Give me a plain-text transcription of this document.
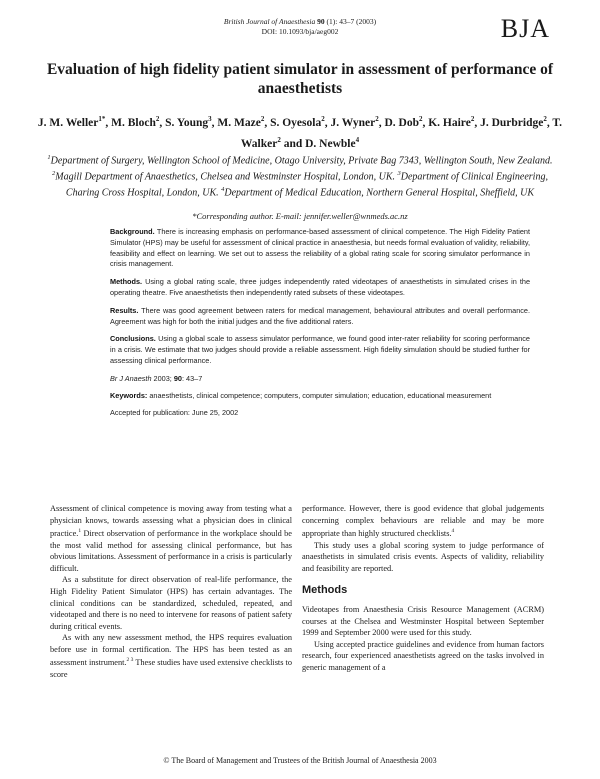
British Journal of Anaesthesia 90 (1): 43–7 (2003)
DOI: 10.1093/bja/aeg002	BJA
Evaluation of high fidelity patient simulator in assessment of performance of anaesthetists
J. M. Weller$^{1*}$, M. Bloch$^2$, S. Young$^3$, M. Maze$^2$, S. Oyesola$^2$, J. Wyner$^2$, D. Dob$^2$, K. Haire$^2$, J. Durbridge$^2$, T. Walker$^2$ and D. Newble$^4$
$^1$Department of Surgery, Wellington School of Medicine, Otago University, Private Bag 7343, Wellington South, New Zealand. $^2$Magill Department of Anaesthetics, Chelsea and Westminster Hospital, London, UK. $^3$Department of Clinical Engineering, Charing Cross Hospital, London, UK. $^4$Department of Medical Education, Northern General Hospital, Sheffield, UK
*Corresponding author. E-mail: jennifer.weller@wnmeds.ac.nz

Background. There is increasing emphasis on performance-based assessment of clinical competence. The High Fidelity Patient Simulator (HPS) may be useful for assessment of clinical practice in anaesthesia, but needs formal evaluation of validity, reliability, feasibility and effect on learning. We set out to assess the reliability of a global rating scale for scoring simulator performance in crisis management.

Methods. Using a global rating scale, three judges independently rated videotapes of anaesthetists in simulated crises in the operating theatre. Five anaesthetists then independently rated subsets of these videotapes.

Results. There was good agreement between raters for medical management, behavioural attributes and overall performance. Agreement was high for both the initial judges and the five additional raters.

Conclusions. Using a global scale to assess simulator performance, we found good inter-rater reliability for scoring performance in a crisis. We estimate that two judges should provide a reliable assessment. High fidelity simulation should be studied further for assessing clinical performance.

Br J Anaesth 2003; 90: 43–7

Keywords: anaesthetists, clinical competence; computers, computer simulation; education, educational measurement

Accepted for publication: June 25, 2002

Assessment of clinical competence is moving away from testing what a physician knows, towards assessing what a physician does in clinical practice.$^1$ Direct observation of performance in the workplace should be the most valid method for assessing clinical performance, but has obvious limitations. Assessment of performance in a crisis is particularly difficult.

As a substitute for direct observation of real-life performance, the High Fidelity Patient Simulator (HPS) has certain advantages. The clinical conditions can be standardized, scheduled, repeated, and videotaped and there is no need to intervene for reasons of patient safety during critical events.

As with any new assessment method, the HPS requires evaluation before use in formal certification. The HPS has been tested as an assessment instrument.$^{2 3}$ These studies have used extensive checklists to score

performance. However, there is good evidence that global judgements concerning complex behaviours are reliable and may be more appropriate than highly structured checklists.$^4$

This study uses a global scoring system to judge performance of anaesthetists in simulated crisis events. Aspects of validity, reliability and feasibility are reported.

Methods

Videotapes from Anaesthesia Crisis Resource Management (ACRM) courses at the Chelsea and Westminster Hospital between September 1999 and September 2000 were used for this study.

Using accepted practice guidelines and evidence from human factors research, four experienced anaesthetists agreed on the tasks involved in generic management of a

© The Board of Management and Trustees of the British Journal of Anaesthesia 2003
